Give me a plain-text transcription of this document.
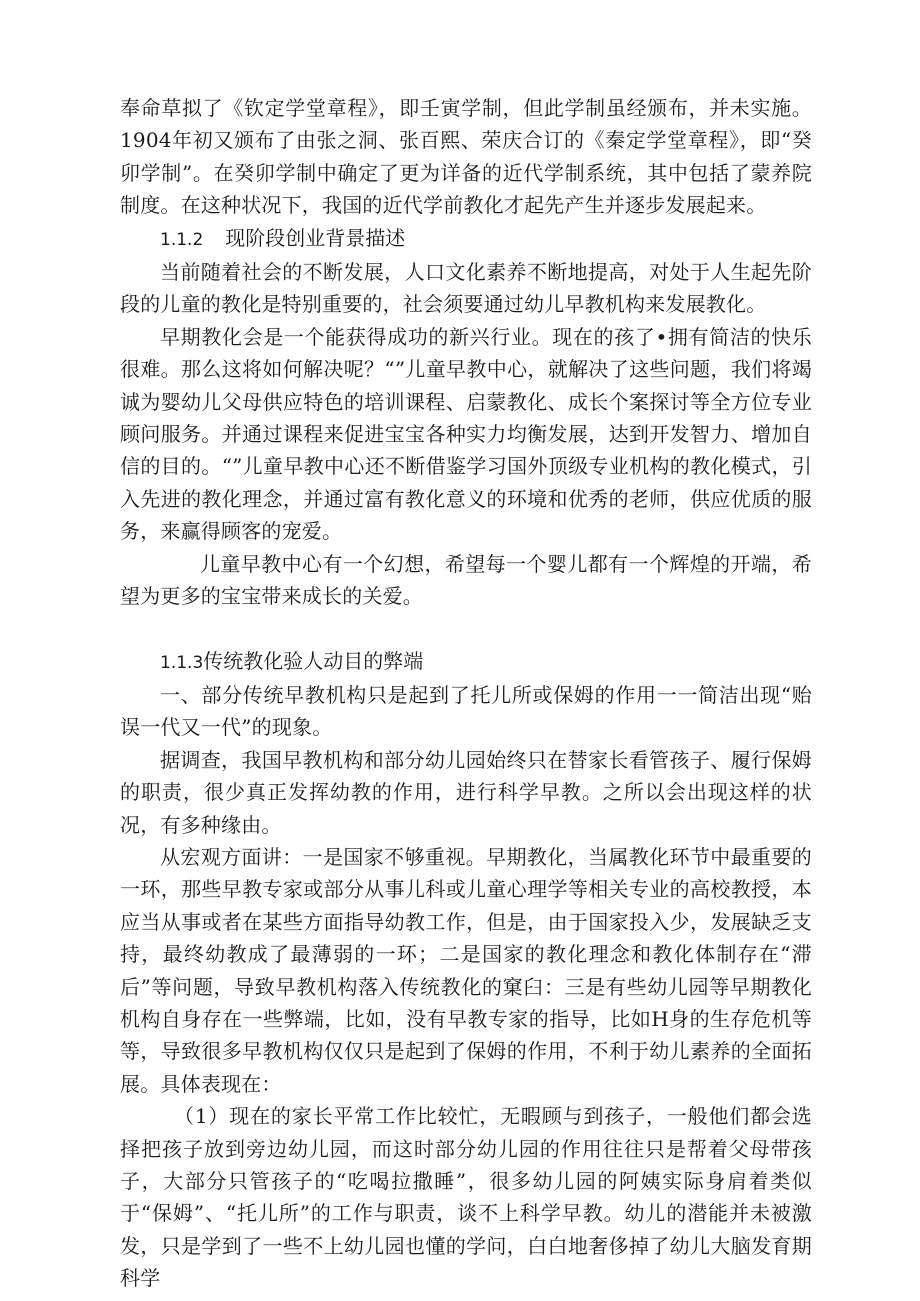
奉命草拟了《钦定学堂章程》，即壬寅学制，但此学制虽经颁布，并未实施。1904年初又颁布了由张之洞、张百熙、荣庆合订的《秦定学堂章程》，即“癸卯学制”。在癸卯学制中确定了更为详备的近代学制系统，其中包括了蒙养院制度。在这种状况下，我国的近代学前教化才起先产生并逐步发展起来。

1.1.2 现阶段创业背景描述

当前随着社会的不断发展，人口文化素养不断地提高，对处于人生起先阶段的儿童的教化是特别重要的，社会须要通过幼儿早教机构来发展教化。

早期教化会是一个能获得成功的新兴行业。现在的孩了•拥有简洁的快乐很难。那么这将如何解决呢？“”儿童早教中心，就解决了这些问题，我们将竭诚为婴幼儿父母供应特色的培训课程、启蒙教化、成长个案探讨等全方位专业顾问服务。并通过课程来促进宝宝各种实力均衡发展，达到开发智力、增加自信的目的。“”儿童早教中心还不断借鉴学习国外顶级专业机构的教化模式，引入先进的教化理念，并通过富有教化意义的环境和优秀的老师，供应优质的服务，来赢得顾客的宠爱。

儿童早教中心有一个幻想，希望每一个婴儿都有一个辉煌的开端，希望为更多的宝宝带来成长的关爱。

1.1.3传统教化验人动目的弊端

一、部分传统早教机构只是起到了托儿所或保姆的作用一一简洁出现“贻误一代又一代”的现象。

据调查，我国早教机构和部分幼儿园始终只在替家长看管孩子、履行保姆的职责，很少真正发挥幼教的作用，进行科学早教。之所以会出现这样的状况，有多种缘由。

从宏观方面讲：一是国家不够重视。早期教化，当属教化环节中最重要的一环，那些早教专家或部分从事儿科或儿童心理学等相关专业的高校教授，本应当从事或者在某些方面指导幼教工作，但是，由于国家投入少，发展缺乏支持，最终幼教成了最薄弱的一环；二是国家的教化理念和教化体制存在“滞后”等问题，导致早教机构落入传统教化的窠臼：三是有些幼儿园等早期教化机构自身存在一些弊端，比如，没有早教专家的指导，比如H身的生存危机等等，导致很多早教机构仅仅只是起到了保姆的作用，不利于幼儿素养的全面拓展。具体表现在：

（1）现在的家长平常工作比较忙，无暇顾与到孩子，一般他们都会选择把孩子放到旁边幼儿园，而这时部分幼儿园的作用往往只是帮着父母带孩子，大部分只管孩子的“吃喝拉撒睡”，很多幼儿园的阿姨实际身肩着类似于“保姆”、“托儿所”的工作与职责，谈不上科学早教。幼儿的潜能并未被激发，只是学到了一些不上幼儿园也懂的学问，白白地奢侈掉了幼儿大脑发育期科学
